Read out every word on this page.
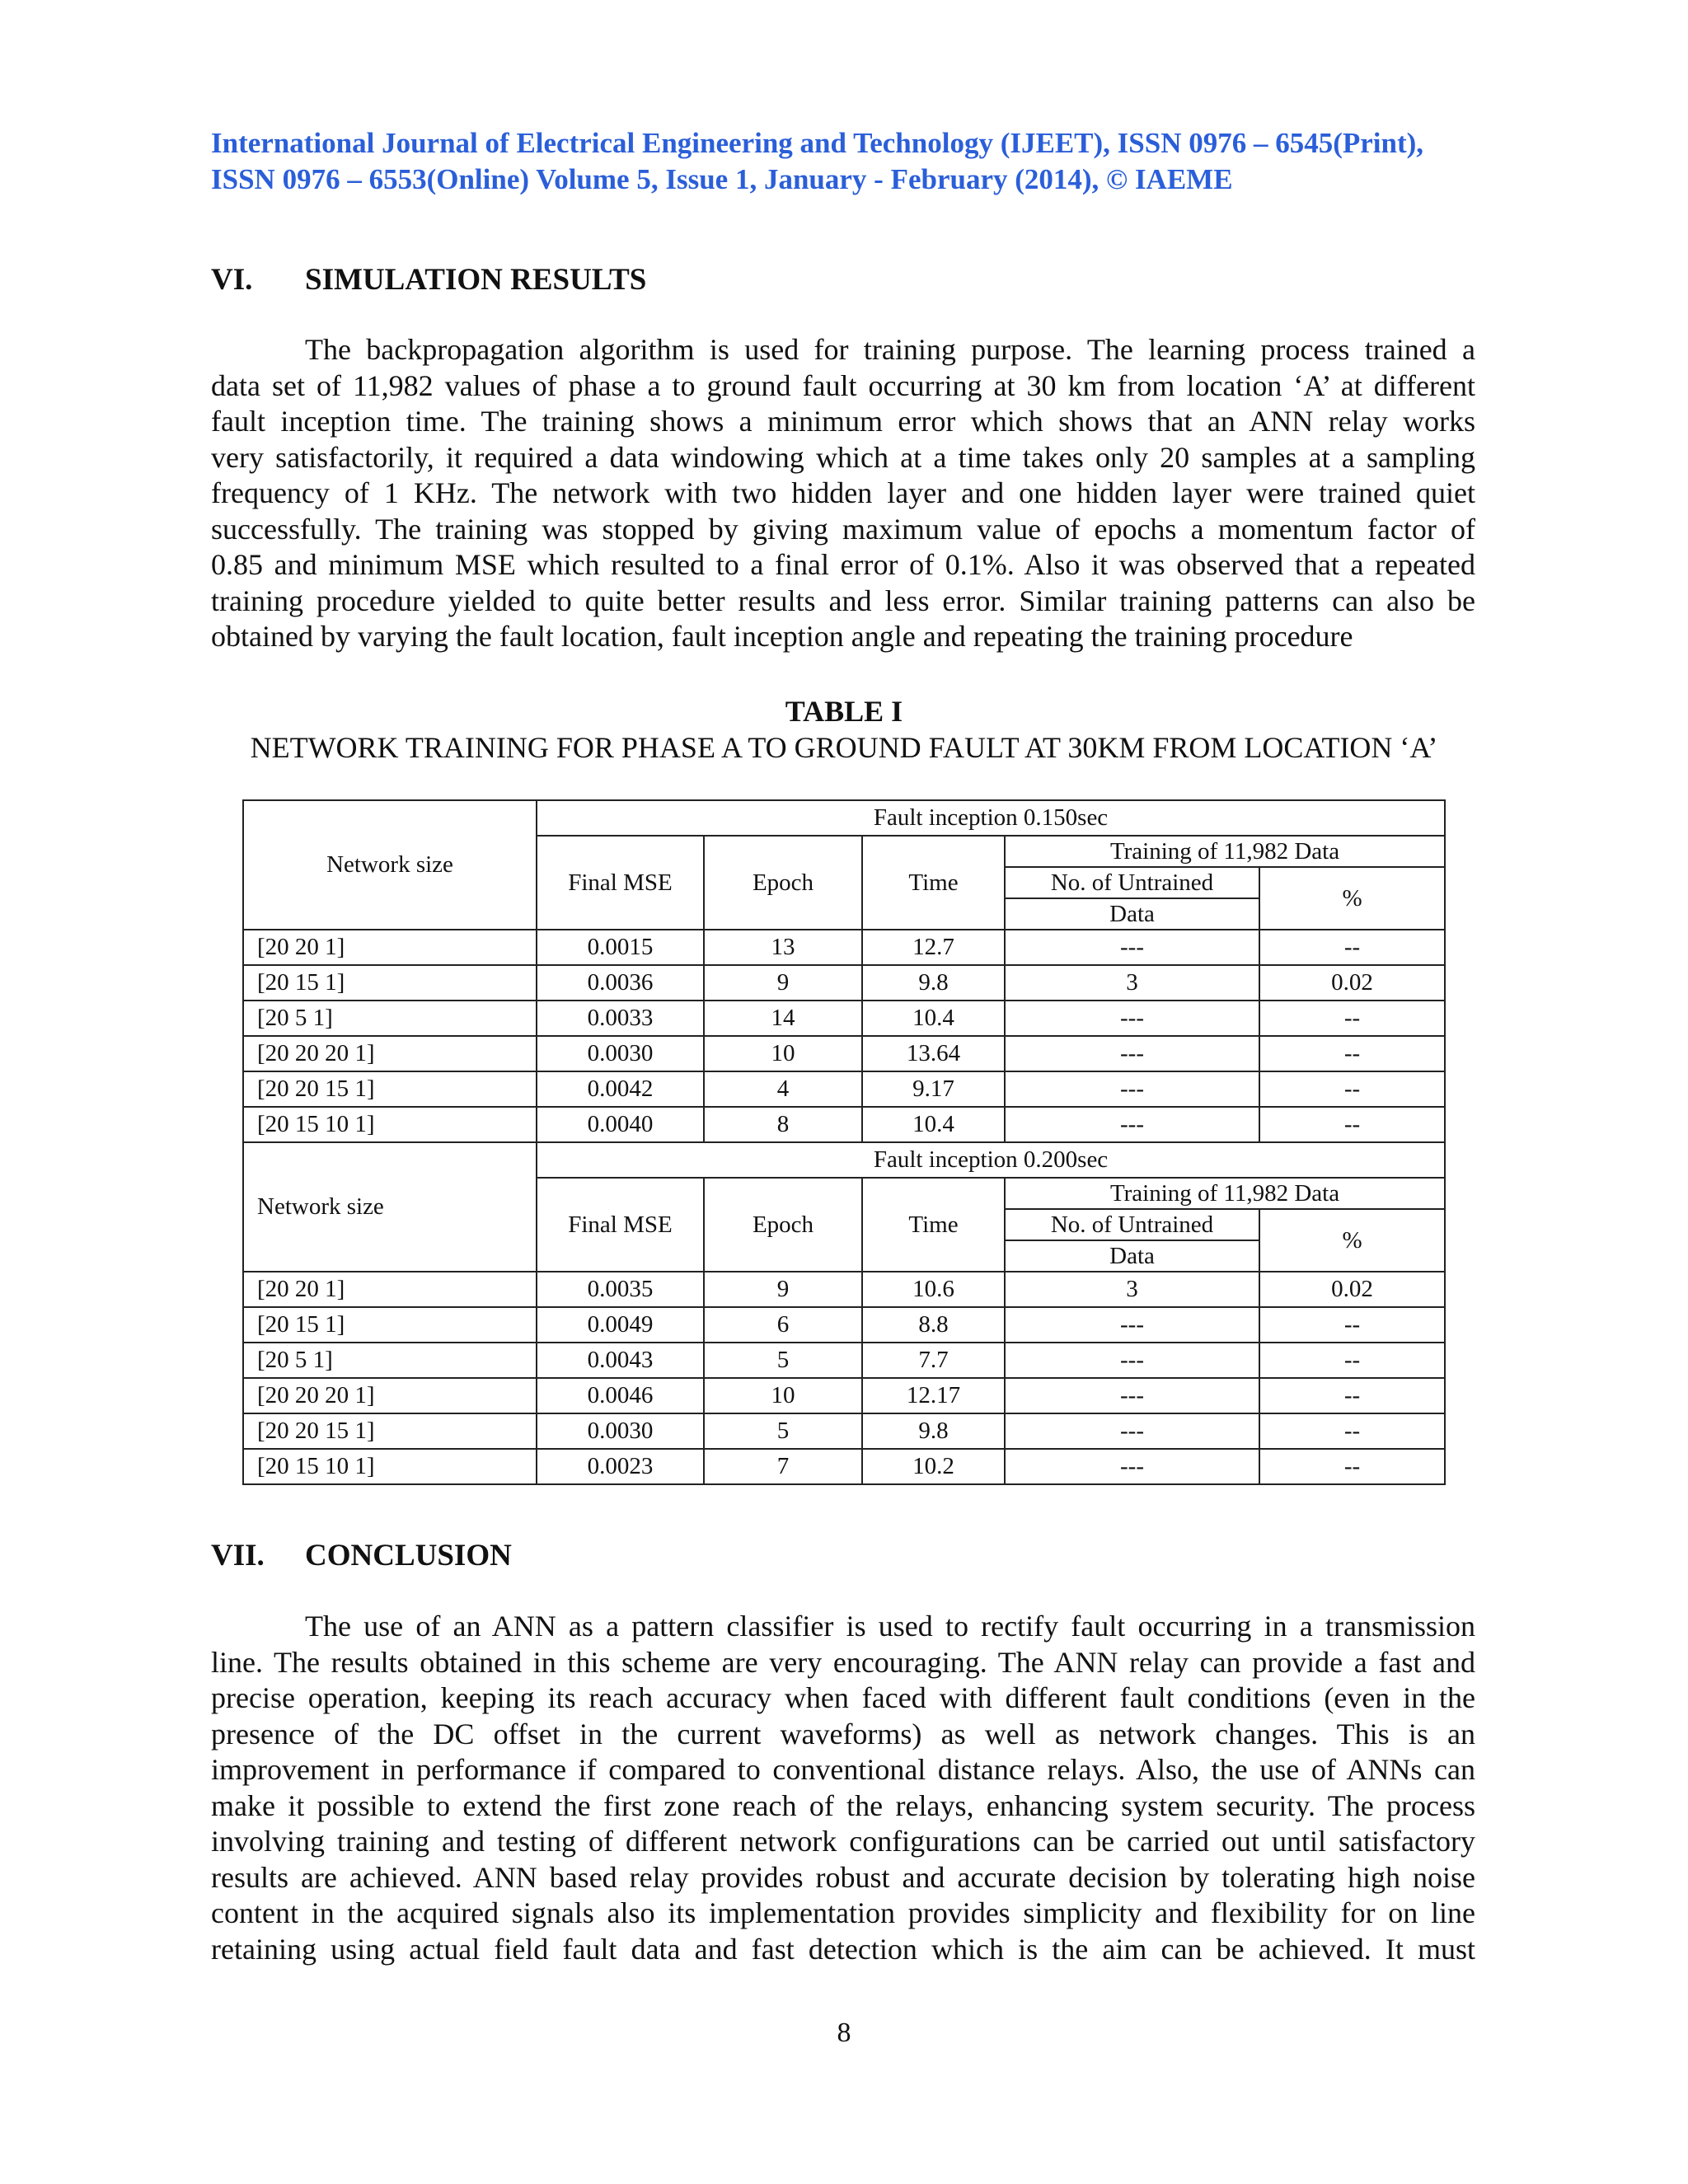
International Journal of Electrical Engineering and Technology (IJEET), ISSN 0976 – 6545(Print),
ISSN 0976 – 6553(Online) Volume 5, Issue 1, January - February (2014), © IAEME
VI. SIMULATION RESULTS
The backpropagation algorithm is used for training purpose. The learning process trained a
data set of 11,982 values of phase a to ground fault occurring at 30 km from location ‘A’ at different
fault inception time. The training shows a minimum error which shows that an ANN relay works
very satisfactorily, it required a data windowing which at a time takes only 20 samples at a sampling
frequency of 1 KHz. The network with two hidden layer and one hidden layer were trained quiet
successfully. The training was stopped by giving maximum value of epochs a momentum factor of
0.85 and minimum MSE which resulted to a final error of 0.1%. Also it was observed that a repeated
training procedure yielded to quite better results and less error. Similar training patterns can also be
obtained by varying the fault location, fault inception angle and repeating the training procedure
TABLE I
NETWORK TRAINING FOR PHASE A TO GROUND FAULT AT 30KM FROM LOCATION ‘A’
Network size	Fault inception 0.150sec				
	Final MSE	Epoch	Time	Training of 11,982 Data	
				No. of Untrained	%
				Data	
[20 20 1]	0.0015	13	12.7	---	--
[20 15 1]	0.0036	9	9.8	3	0.02
[20 5 1]	0.0033	14	10.4	---	--
[20 20 20 1]	0.0030	10	13.64	---	--
[20 20 15 1]	0.0042	4	9.17	---	--
[20 15 10 1]	0.0040	8	10.4	---	--
Network size	Fault inception 0.200sec				
	Final MSE	Epoch	Time	Training of 11,982 Data	
				No. of Untrained	%
				Data	
[20 20 1]	0.0035	9	10.6	3	0.02
[20 15 1]	0.0049	6	8.8	---	--
[20 5 1]	0.0043	5	7.7	---	--
[20 20 20 1]	0.0046	10	12.17	---	--
[20 20 15 1]	0.0030	5	9.8	---	--
[20 15 10 1]	0.0023	7	10.2	---	--
VII. CONCLUSION
The use of an ANN as a pattern classifier is used to rectify fault occurring in a transmission
line. The results obtained in this scheme are very encouraging. The ANN relay can provide a fast and
precise operation, keeping its reach accuracy when faced with different fault conditions (even in the
presence of the DC offset in the current waveforms) as well as network changes. This is an
improvement in performance if compared to conventional distance relays. Also, the use of ANNs can
make it possible to extend the first zone reach of the relays, enhancing system security. The process
involving training and testing of different network configurations can be carried out until satisfactory
results are achieved. ANN based relay provides robust and accurate decision by tolerating high noise
content in the acquired signals also its implementation provides simplicity and flexibility for on line
retaining using actual field fault data and fast detection which is the aim can be achieved. It must
8
